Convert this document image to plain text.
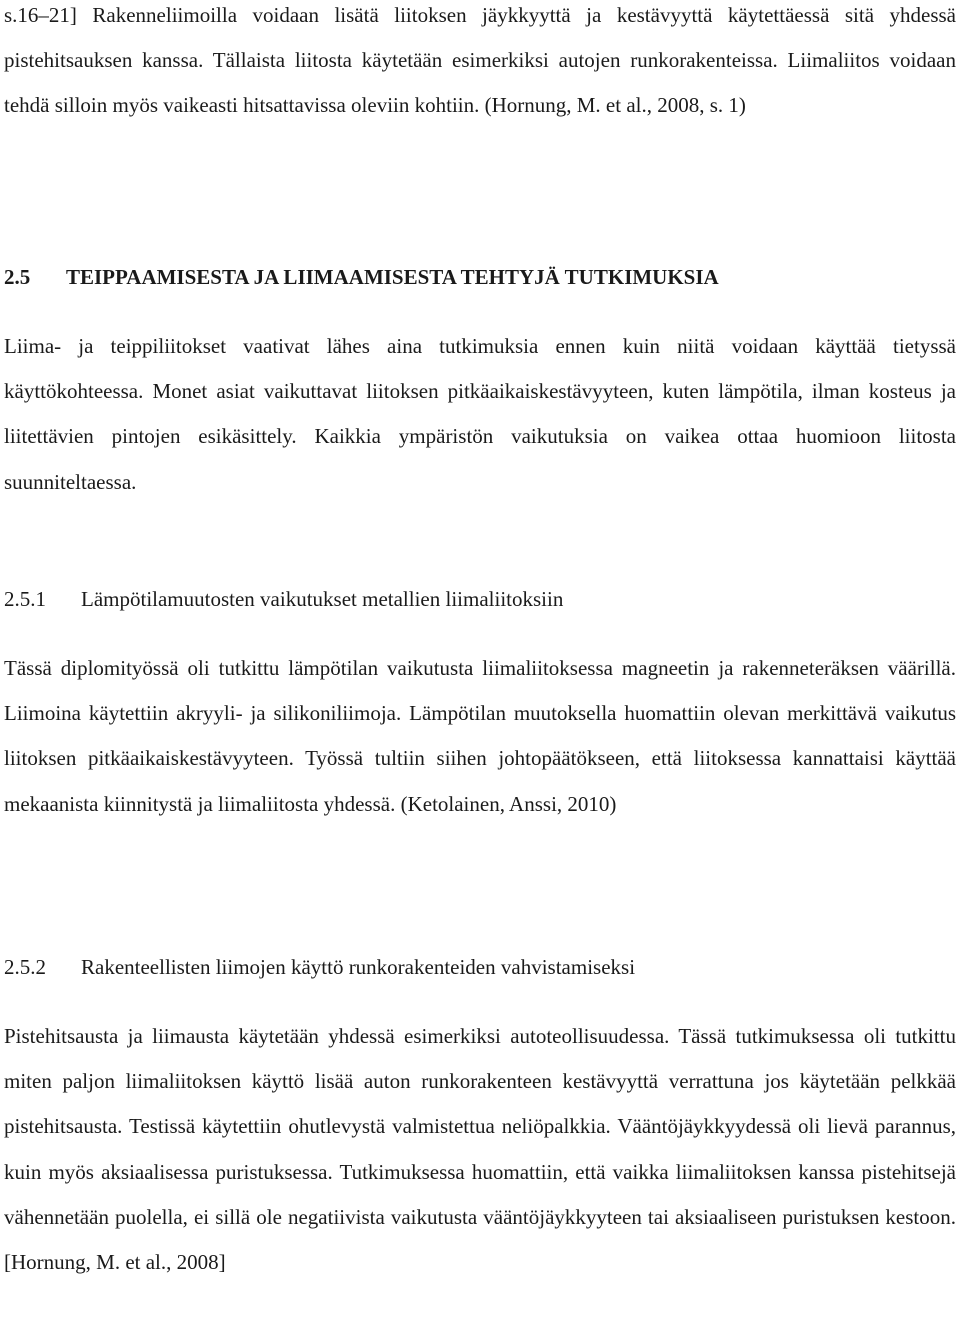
s.16–21] Rakenneliimoilla voidaan lisätä liitoksen jäykkyyttä ja kestävyyttä käytettäessä sitä yhdessä pistehitsauksen kanssa. Tällaista liitosta käytetään esimerkiksi autojen runkorakenteissa. Liimaliitos voidaan tehdä silloin myös vaikeasti hitsattavissa oleviin kohtiin. (Hornung, M. et al., 2008, s. 1)

2.5 TEIPPAAMISESTA JA LIIMAAMISESTA TEHTYJÄ TUTKIMUKSIA

Liima- ja teippiliitokset vaativat lähes aina tutkimuksia ennen kuin niitä voidaan käyttää tietyssä käyttökohteessa. Monet asiat vaikuttavat liitoksen pitkäaikaiskestävyyteen, kuten lämpötila, ilman kosteus ja liitettävien pintojen esikäsittely. Kaikkia ympäristön vaikutuksia on vaikea ottaa huomioon liitosta suunniteltaessa.

2.5.1 Lämpötilamuutosten vaikutukset metallien liimaliitoksiin

Tässä diplomityössä oli tutkittu lämpötilan vaikutusta liimaliitoksessa magneetin ja rakenneteräksen väärillä. Liimoina käytettiin akryyli- ja silikoniliimoja. Lämpötilan muutoksella huomattiin olevan merkittävä vaikutus liitoksen pitkäaikaiskestävyyteen. Työssä tultiin siihen johtopäätökseen, että liitoksessa kannattaisi käyttää mekaanista kiinnitystä ja liimaliitosta yhdessä. (Ketolainen, Anssi, 2010)

2.5.2 Rakenteellisten liimojen käyttö runkorakenteiden vahvistamiseksi

Pistehitsausta ja liimausta käytetään yhdessä esimerkiksi autoteollisuudessa. Tässä tutkimuksessa oli tutkittu miten paljon liimaliitoksen käyttö lisää auton runkorakenteen kestävyyttä verrattuna jos käytetään pelkkää pistehitsausta. Testissä käytettiin ohutlevystä valmistettua neliöpalkkia. Vääntöjäykkyydessä oli lievä parannus, kuin myös aksiaalisessa puristuksessa. Tutkimuksessa huomattiin, että vaikka liimaliitoksen kanssa pistehitsejä vähennetään puolella, ei sillä ole negatiivista vaikutusta vääntöjäykkyyteen tai aksiaaliseen puristuksen kestoon. [Hornung, M. et al., 2008]
